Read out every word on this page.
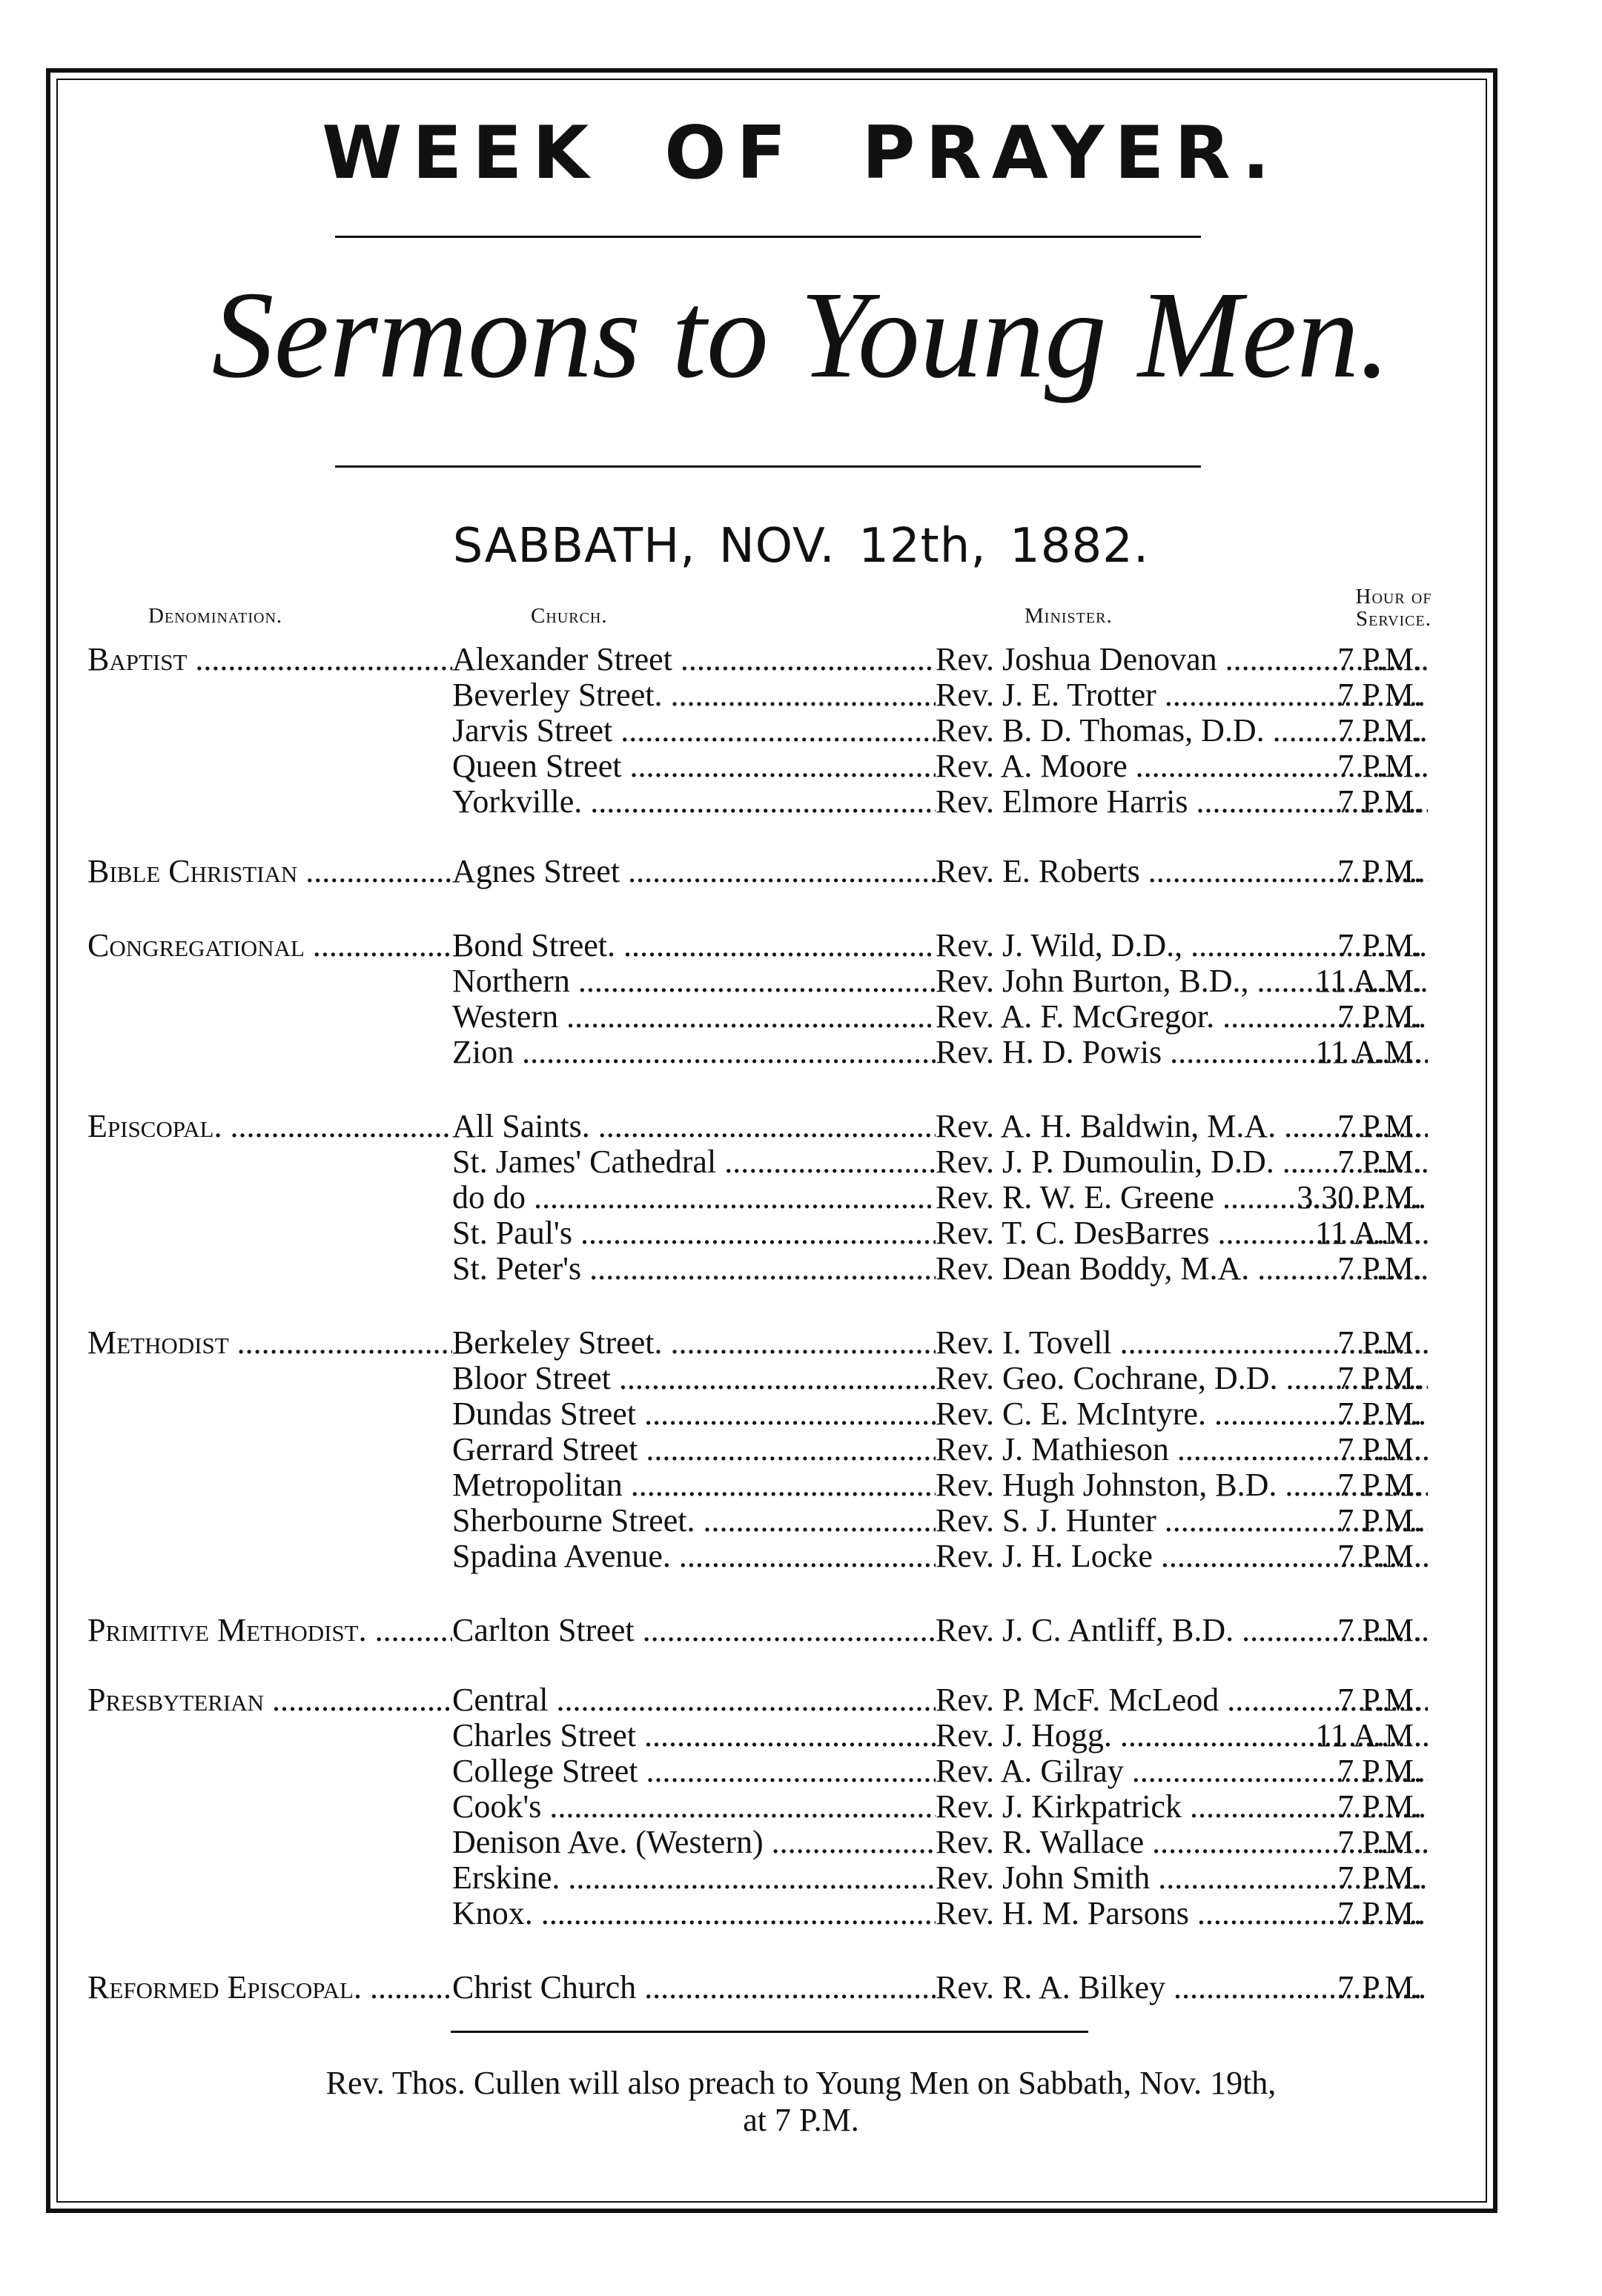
WEEK OF PRAYER.
Sermons to Young Men.
SABBATH, NOV. 12th, 1882.
Denomination.	Church.	Minister.
Hour of
Service.
Baptist .....	Alexander Street .....	Rev. Joshua Denovan .....	7 P.M.
Beverley Street. .....	Rev. J. E. Trotter .....	7 P.M.
Jarvis Street .....	Rev. B. D. Thomas, D.D. .....	7 P.M.
Queen Street .....	Rev. A. Moore .....	7 P.M.
Yorkville. .....	Rev. Elmore Harris .....	7 P.M.
Bible Christian .....	Agnes Street .....	Rev. E. Roberts .....	7 P.M.
Congregational .....	Bond Street. .....	Rev. J. Wild, D.D., .....	7 P.M.
Northern .....	Rev. John Burton, B.D., .....	11 A.M.
Western .....	Rev. A. F. McGregor. .....	7 P.M.
Zion .....	Rev. H. D. Powis .....	11 A.M.
Episcopal. .....	All Saints. .....	Rev. A. H. Baldwin, M.A. .....	7 P.M.
St. James' Cathedral .....	Rev. J. P. Dumoulin, D.D. .....	7 P.M.
do do .....	Rev. R. W. E. Greene .....	3.30 P.M.
St. Paul's .....	Rev. T. C. DesBarres .....	11 A.M.
St. Peter's .....	Rev. Dean Boddy, M.A. .....	7 P.M.
Methodist .....	Berkeley Street. .....	Rev. I. Tovell .....	7 P.M.
Bloor Street .....	Rev. Geo. Cochrane, D.D. .....	7 P.M.
Dundas Street .....	Rev. C. E. McIntyre. .....	7 P.M.
Gerrard Street .....	Rev. J. Mathieson .....	7 P.M.
Metropolitan .....	Rev. Hugh Johnston, B.D. .....	7 P.M.
Sherbourne Street. .....	Rev. S. J. Hunter .....	7 P.M.
Spadina Avenue. .....	Rev. J. H. Locke .....	7 P.M.
Primitive Methodist. .....	Carlton Street .....	Rev. J. C. Antliff, B.D. .....	7 P.M.
Presbyterian .....	Central .....	Rev. P. McF. McLeod .....	7 P.M.
Charles Street .....	Rev. J. Hogg. .....	11 A.M.
College Street .....	Rev. A. Gilray .....	7 P.M.
Cook's .....	Rev. J. Kirkpatrick .....	7 P.M.
Denison Ave. (Western) .....	Rev. R. Wallace .....	7 P.M.
Erskine. .....	Rev. John Smith .....	7 P.M.
Knox. .....	Rev. H. M. Parsons .....	7 P.M.
Reformed Episcopal. .....	Christ Church .....	Rev. R. A. Bilkey .....	7 P.M.
Rev. Thos. Cullen will also preach to Young Men on Sabbath, Nov. 19th,
at 7 P.M.
